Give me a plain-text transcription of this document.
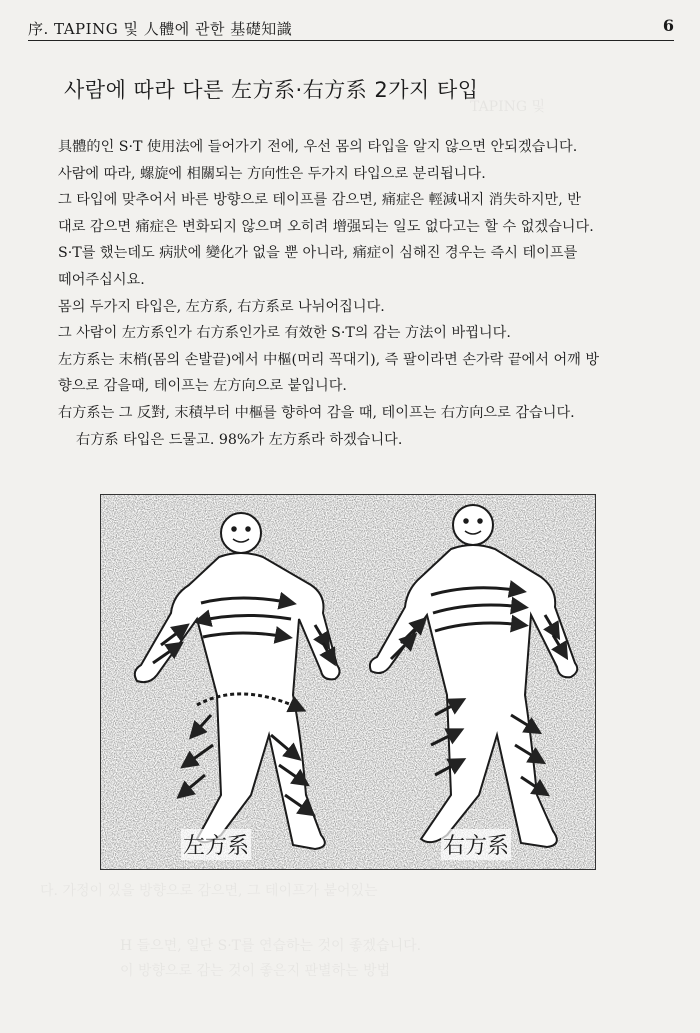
TAPING 및
序. TAPING 및 人體에 관한 基礎知識	6
사람에 따라 다른 左方系·右方系 2가지 타입

具體的인 S·T 使用法에 들어가기 전에, 우선 몸의 타입을 알지 않으면 안되겠습니다.

사람에 따라, 螺旋에 相關되는 方向性은 두가지 타입으로 분리됩니다.

그 타입에 맞추어서 바른 방향으로 테이프를 감으면, 痛症은 輕減내지 消失하지만, 반

대로 감으면 痛症은 변화되지 않으며 오히려 增强되는 일도 없다고는 할 수 없겠습니다.

S·T를 했는데도 病狀에 變化가 없을 뿐 아니라, 痛症이 심해진 경우는 즉시 테이프를

떼어주십시요.

몸의 두가지 타입은, 左方系, 右方系로 나뉘어집니다.

그 사람이 左方系인가 右方系인가로 有效한 S·T의 감는 方法이 바뀝니다.

左方系는 末梢(몸의 손발끝)에서 中樞(머리 꼭대기), 즉 팔이라면 손가락 끝에서 어깨 방

향으로 감을때, 테이프는 左方向으로 붙입니다.

右方系는 그 反對, 末積부터 中樞를 향하여 감을 때, 테이프는 右方向으로 감습니다.

右方系 타입은 드물고. 98%가 左方系라 하겠습니다.

左方系	右方系
다. 가정이 있을 방향으로 감으면, 그 테이프가 붙어있는
H 들으면, 일단 S·T를 연습하는 것이 좋겠습니다.
이 방향으로 감는 것이 좋은지 판별하는 방법
